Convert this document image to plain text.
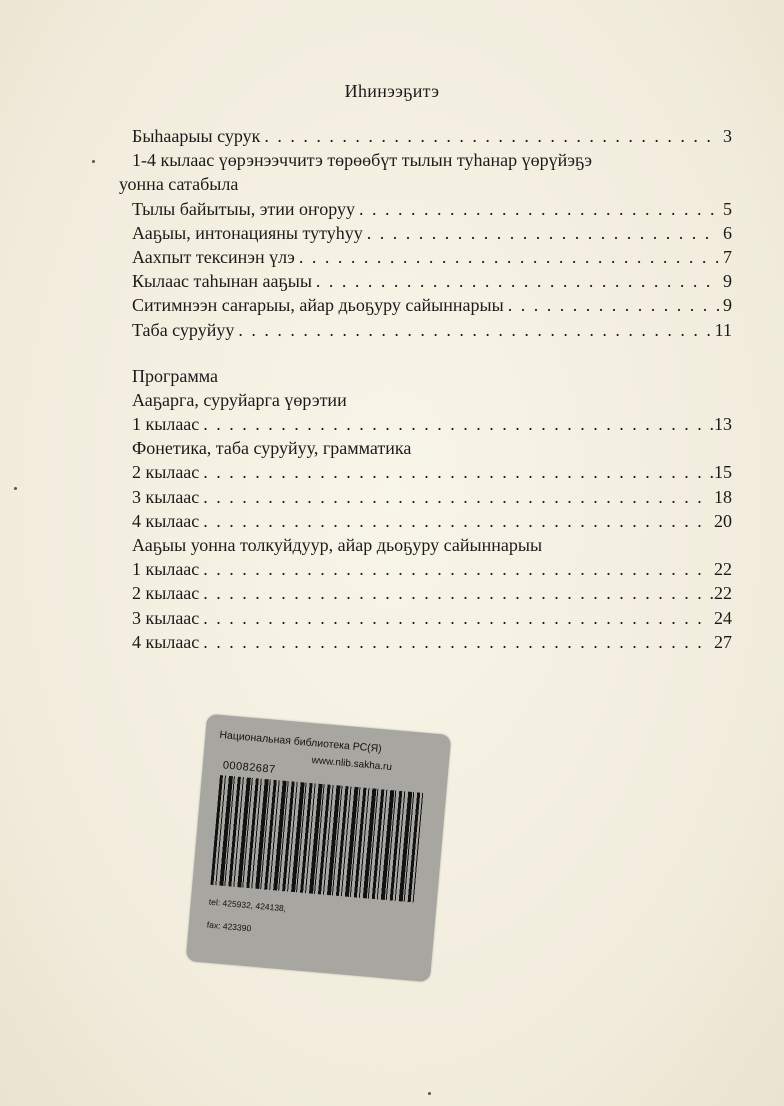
Иһинээҕитэ
Быһаарыы сурук . . .	3
1-4 кылаас үөрэнээччитэ төрөөбүт тылын туһанар үөрүйэҕэ
уонна сатабыла
Тылы байытыы, этии оҥоруу . . .	5
Ааҕыы, интонацияны тутуһуу . . .	6
Аахпыт тексинэн үлэ . . .	7
Кылаас таһынан ааҕыы . . .	9
Ситимнээн саҥарыы, айар дьоҕуру сайыннарыы . . .	9
Таба суруйуу . . .	11
Программа
Ааҕарга, суруйарга үөрэтии
1 кылаас . . .	.13
Фонетика, таба суруйуу, грамматика
2 кылаас . . .	.15
3 кылаас . . .	18
4 кылаас . . .	20
Ааҕыы уонна толкуйдуур, айар дьоҕуру сайыннарыы
1 кылаас . . .	22
2 кылаас . . .	.22
3 кылаас . . .	24
4 кылаас . . .	27
Национальная библиотека РС(Я)
www.nlib.sakha.ru
00082687
tel: 425932, 424138,
fax: 423390
